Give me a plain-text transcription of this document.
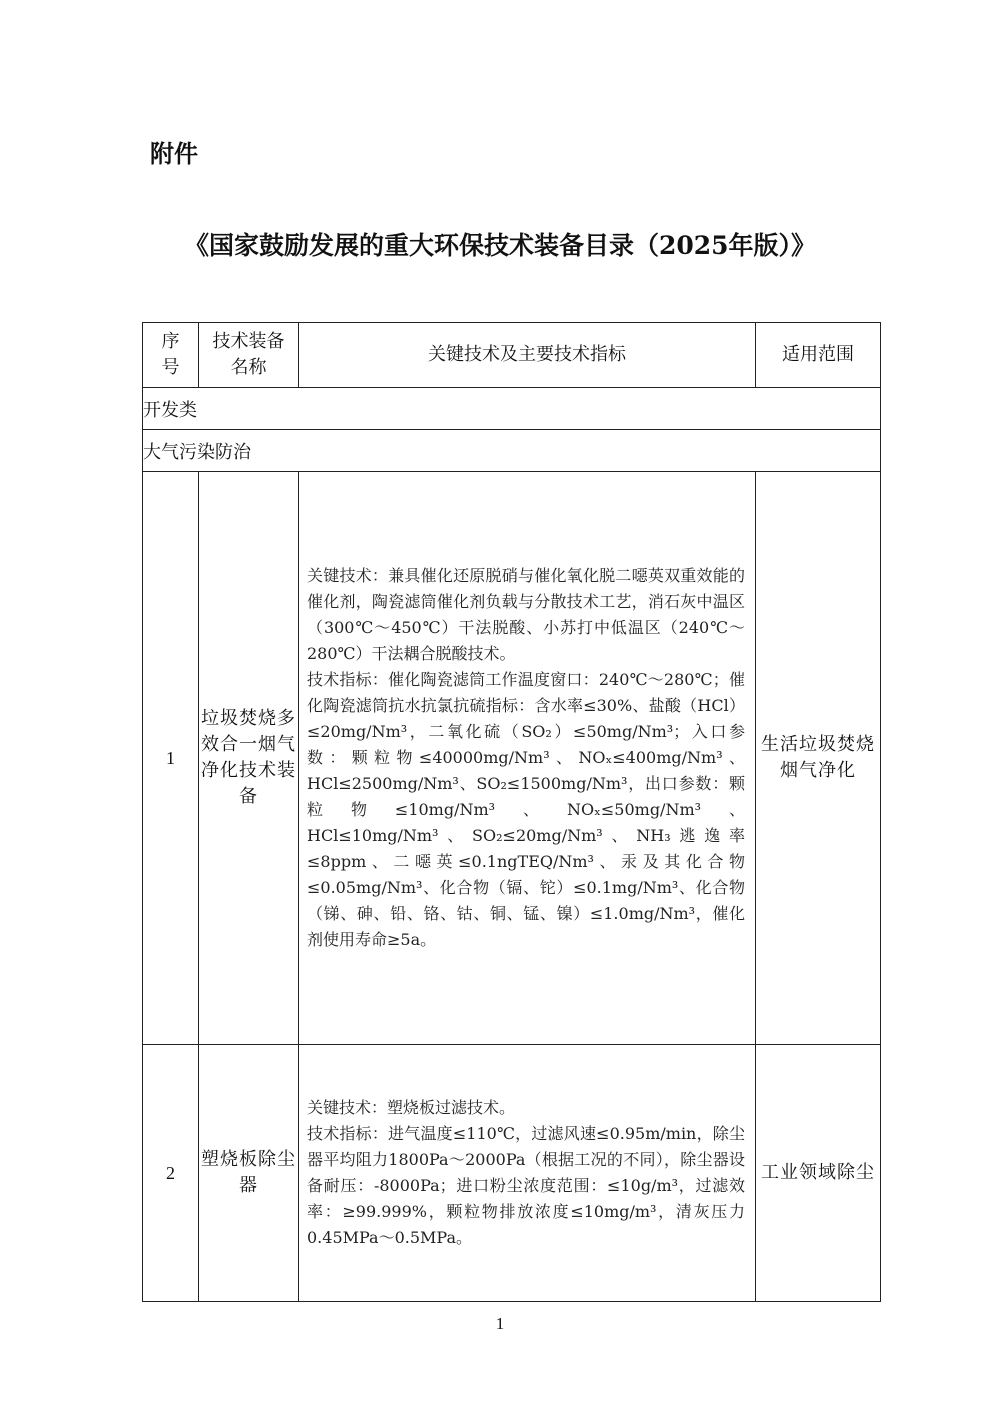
附件
《国家鼓励发展的重大环保技术装备目录（2025年版）》
序号	技术装备名称	关键技术及主要技术指标	适用范围
开发类			
大气污染防治			
1	垃圾焚烧多效合一烟气净化技术装备	关键技术：兼具催化还原脱硝与催化氧化脱二噁英双重效能的催化剂，陶瓷滤筒催化剂负载与分散技术工艺，消石灰中温区（300℃～450℃）干法脱酸、小苏打中低温区（240℃～280℃）干法耦合脱酸技术。

技术指标：催化陶瓷滤筒工作温度窗口：240℃～280℃；催化陶瓷滤筒抗水抗氯抗硫指标：含水率≤30%、盐酸（HCl）≤20mg/Nm³，二氧化硫（SO₂）≤50mg/Nm³；入口参数：颗粒物≤40000mg/Nm³、NOₓ≤400mg/Nm³、HCl≤2500mg/Nm³、SO₂≤1500mg/Nm³，出口参数：颗粒物≤10mg/Nm³、NOₓ≤50mg/Nm³、HCl≤10mg/Nm³、SO₂≤20mg/Nm³、NH₃逃逸率≤8ppm、二噁英≤0.1ngTEQ/Nm³、汞及其化合物≤0.05mg/Nm³、化合物（镉、铊）≤0.1mg/Nm³、化合物（锑、砷、铅、铬、钴、铜、锰、镍）≤1.0mg/Nm³，催化剂使用寿命≥5a。	生活垃圾焚烧烟气净化
2	塑烧板除尘器	关键技术：塑烧板过滤技术。

技术指标：进气温度≤110℃，过滤风速≤0.95m/min，除尘器平均阻力1800Pa～2000Pa（根据工况的不同），除尘器设备耐压：-8000Pa；进口粉尘浓度范围：≤10g/m³，过滤效率：≥99.999%，颗粒物排放浓度≤10mg/m³，清灰压力0.45MPa～0.5MPa。	工业领域除尘

1
